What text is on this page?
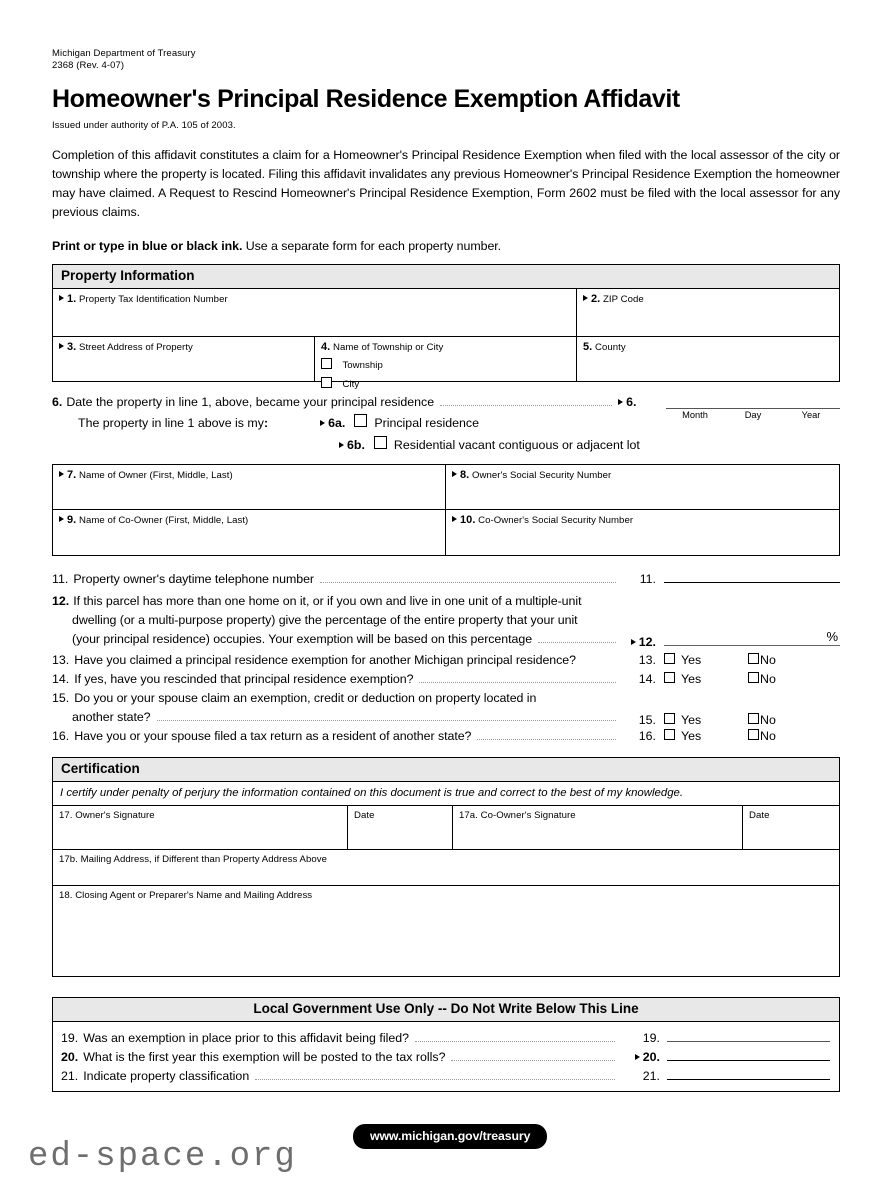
Michigan Department of Treasury
2368 (Rev. 4-07)
Homeowner's Principal Residence Exemption Affidavit
Issued under authority of P.A. 105 of 2003.
Completion of this affidavit constitutes a claim for a Homeowner's Principal Residence Exemption when filed with the local assessor of the city or township where the property is located. Filing this affidavit invalidates any previous Homeowner's Principal Residence Exemption the homeowner may have claimed. A Request to Rescind Homeowner's Principal Residence Exemption, Form 2602 must be filed with the local assessor for any previous claims.
Print or type in blue or black ink. Use a separate form for each property number.
Property Information
1. Property Tax Identification Number	2. ZIP Code
3. Street Address of Property	4. Name of Township or City
Township
City
5. County
6. Date the property in line 1, above, became your principal residence	6.
Month	Day	Year
The property in line 1 above is my:	6a. Principal residence
6b. Residential vacant contiguous or adjacent lot
7. Name of Owner (First, Middle, Last)	8. Owner's Social Security Number
9. Name of Co-Owner (First, Middle, Last)	10. Co-Owner's Social Security Number
11. Property owner's daytime telephone number	11.
12. If this parcel has more than one home on it, or if you own and live in one unit of a multiple-unit
dwelling (or a multi-purpose property) give the percentage of the entire property that your unit
(your principal residence) occupies. Your exemption will be based on this percentage	12.	%
13. Have you claimed a principal residence exemption for another Michigan principal residence?	13.	Yes	No
14. If yes, have you rescinded that principal residence exemption?	14.	Yes	No
15. Do you or your spouse claim an exemption, credit or deduction on property located in
another state?	15.	Yes	No
16. Have you or your spouse filed a tax return as a resident of another state?	16.	Yes	No
Certification
I certify under penalty of perjury the information contained on this document is true and correct to the best of my knowledge.
17. Owner's Signature	Date	17a. Co-Owner's Signature	Date
17b. Mailing Address, if Different than Property Address Above
18. Closing Agent or Preparer's Name and Mailing Address
Local Government Use Only -- Do Not Write Below This Line
19. Was an exemption in place prior to this affidavit being filed?	19.
20. What is the first year this exemption will be posted to the tax rolls?	20.
21. Indicate property classification	21.
www.michigan.gov/treasury
ed-space.org
